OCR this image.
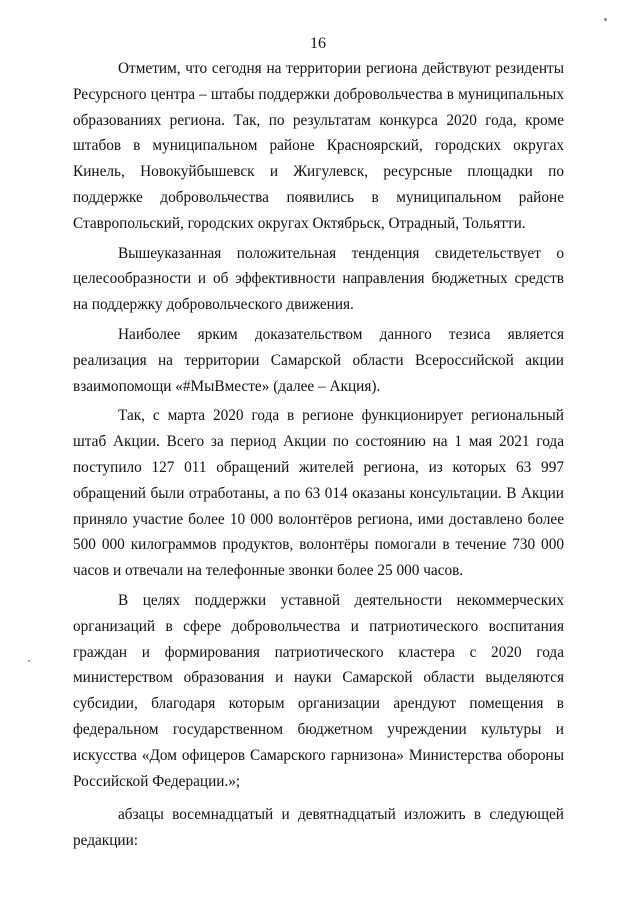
16

Отметим, что сегодня на территории региона действуют резиденты Ресурсного центра – штабы поддержки добровольчества в муниципальных образованиях региона. Так, по результатам конкурса 2020 года, кроме штабов в муниципальном районе Красноярский, городских округах Кинель, Новокуйбышевск и Жигулевск, ресурсные площадки по поддержке добровольчества появились в муниципальном районе Ставропольский, городских округах Октябрьск, Отрадный, Тольятти.

Вышеуказанная положительная тенденция свидетельствует о целесообразности и об эффективности направления бюджетных средств на поддержку добровольческого движения.

Наиболее ярким доказательством данного тезиса является реализация на территории Самарской области Всероссийской акции взаимопомощи «#МыВместе» (далее – Акция).

Так, с марта 2020 года в регионе функционирует региональный штаб Акции. Всего за период Акции по состоянию на 1 мая 2021 года поступило 127 011 обращений жителей региона, из которых 63 997 обращений были отработаны, а по 63 014 оказаны консультации. В Акции приняло участие более 10 000 волонтёров региона, ими доставлено более 500 000 килограммов продуктов, волонтёры помогали в течение 730 000 часов и отвечали на телефонные звонки более 25 000 часов.

В целях поддержки уставной деятельности некоммерческих организаций в сфере добровольчества и патриотического воспитания граждан и формирования патриотического кластера с 2020 года министерством образования и науки Самарской области выделяются субсидии, благодаря которым организации арендуют помещения в федеральном государственном бюджетном учреждении культуры и искусства «Дом офицеров Самарского гарнизона» Министерства обороны Российской Федерации.»;

абзацы восемнадцатый и девятнадцатый изложить в следующей редакции:
